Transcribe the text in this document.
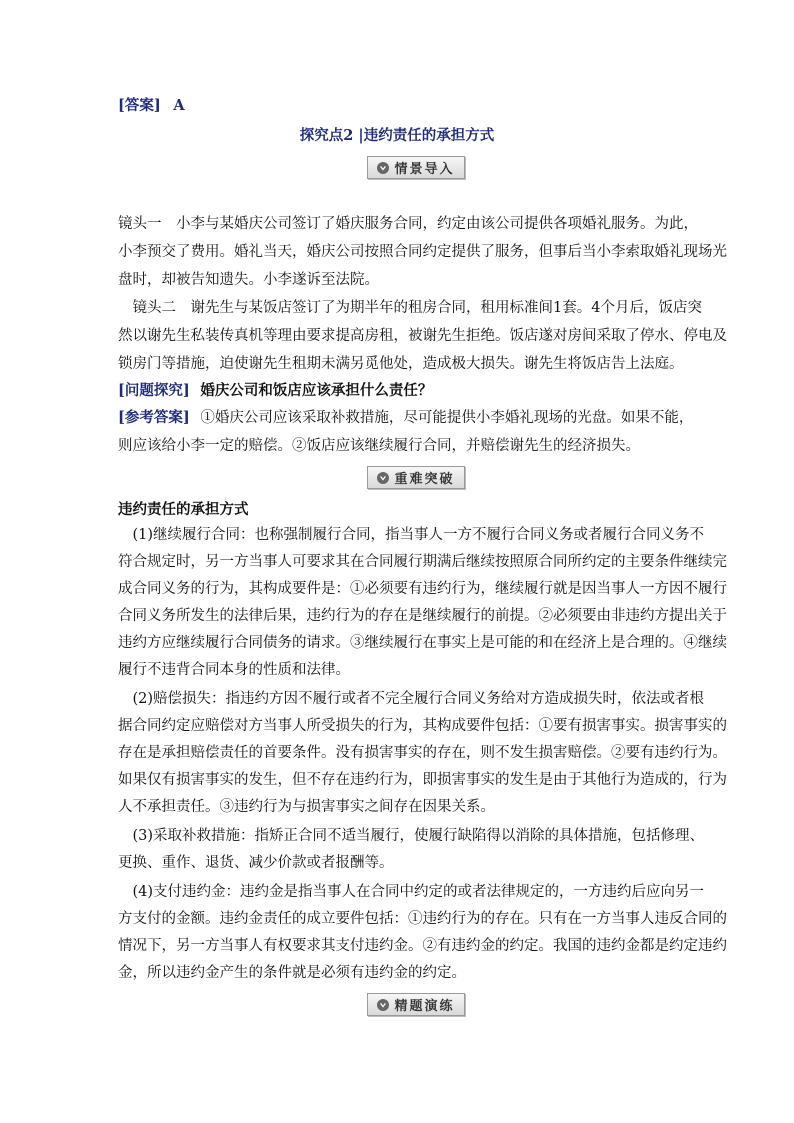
[答案] A
探究点2 |违约责任的承担方式
情景导入
镜头一　小李与某婚庆公司签订了婚庆服务合同，约定由该公司提供各项婚礼服务。为此，
小李预交了费用。婚礼当天，婚庆公司按照合同约定提供了服务，但事后当小李索取婚礼现场光
盘时，却被告知遗失。小李遂诉至法院。
　镜头二　谢先生与某饭店签订了为期半年的租房合同，租用标准间1套。4个月后，饭店突
然以谢先生私装传真机等理由要求提高房租，被谢先生拒绝。饭店遂对房间采取了停水、停电及
锁房门等措施，迫使谢先生租期未满另觅他处，造成极大损失。谢先生将饭店告上法庭。
[问题探究] 婚庆公司和饭店应该承担什么责任？
[参考答案] ①婚庆公司应该采取补救措施，尽可能提供小李婚礼现场的光盘。如果不能，
则应该给小李一定的赔偿。②饭店应该继续履行合同，并赔偿谢先生的经济损失。
重难突破
违约责任的承担方式
　(1)继续履行合同：也称强制履行合同，指当事人一方不履行合同义务或者履行合同义务不
符合规定时，另一方当事人可要求其在合同履行期满后继续按照原合同所约定的主要条件继续完
成合同义务的行为，其构成要件是：①必须要有违约行为，继续履行就是因当事人一方因不履行
合同义务所发生的法律后果，违约行为的存在是继续履行的前提。②必须要由非违约方提出关于
违约方应继续履行合同债务的请求。③继续履行在事实上是可能的和在经济上是合理的。④继续
履行不违背合同本身的性质和法律。
　(2)赔偿损失：指违约方因不履行或者不完全履行合同义务给对方造成损失时，依法或者根
据合同约定应赔偿对方当事人所受损失的行为，其构成要件包括：①要有损害事实。损害事实的
存在是承担赔偿责任的首要条件。没有损害事实的存在，则不发生损害赔偿。②要有违约行为。
如果仅有损害事实的发生，但不存在违约行为，即损害事实的发生是由于其他行为造成的，行为
人不承担责任。③违约行为与损害事实之间存在因果关系。
　(3)采取补救措施：指矫正合同不适当履行，使履行缺陷得以消除的具体措施，包括修理、
更换、重作、退货、减少价款或者报酬等。
　(4)支付违约金：违约金是指当事人在合同中约定的或者法律规定的，一方违约后应向另一
方支付的金额。违约金责任的成立要件包括：①违约行为的存在。只有在一方当事人违反合同的
情况下，另一方当事人有权要求其支付违约金。②有违约金的约定。我国的违约金都是约定违约
金，所以违约金产生的条件就是必须有违约金的约定。
精题演练
